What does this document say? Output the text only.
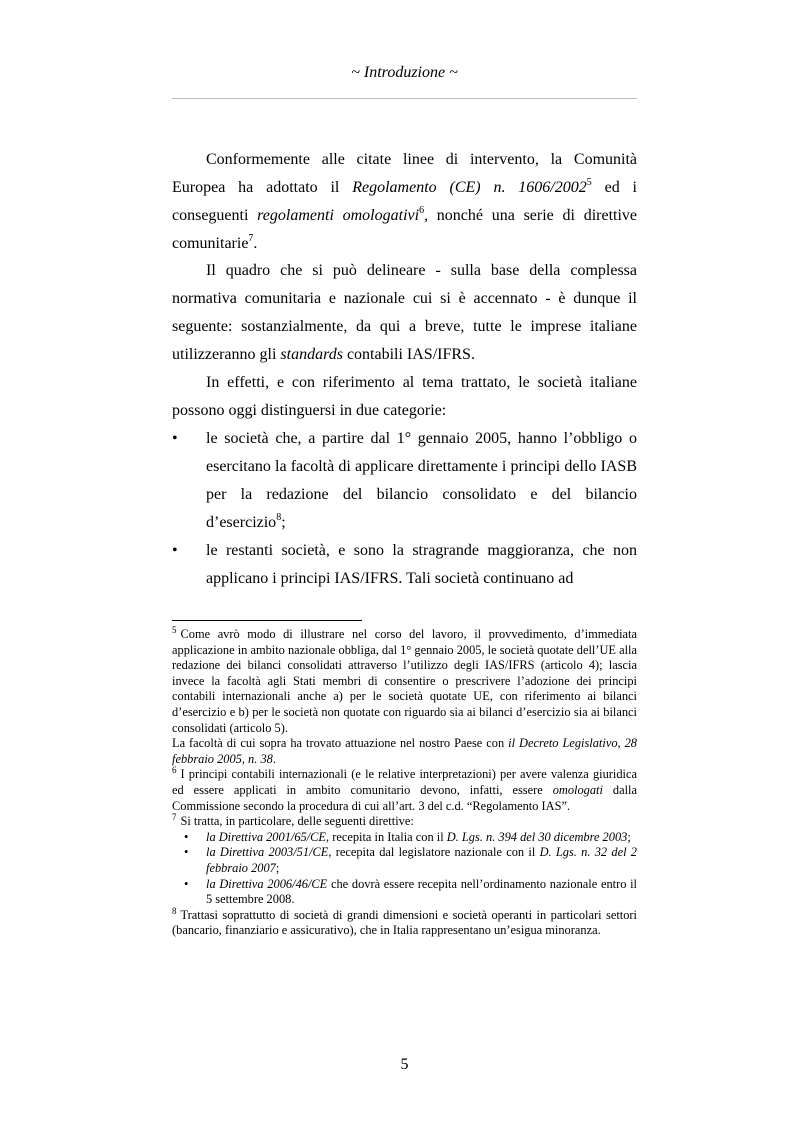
~ Introduzione ~

Conformemente alle citate linee di intervento, la Comunità Europea ha adottato il Regolamento (CE) n. 1606/2002$^5$ ed i conseguenti regolamenti omologativi$^6$, nonché una serie di direttive comunitarie$^7$.

Il quadro che si può delineare - sulla base della complessa normativa comunitaria e nazionale cui si è accennato - è dunque il seguente: sostanzialmente, da qui a breve, tutte le imprese italiane utilizzeranno gli standards contabili IAS/IFRS.

In effetti, e con riferimento al tema trattato, le società italiane possono oggi distinguersi in due categorie:

•
le società che, a partire dal 1° gennaio 2005, hanno l’obbligo o esercitano la facoltà di applicare direttamente i principi dello IASB per la redazione del bilancio consolidato e del bilancio d’esercizio$^8$;
•
le restanti società, e sono la stragrande maggioranza, che non applicano i principi IAS/IFRS. Tali società continuano ad

$^5$ Come avrò modo di illustrare nel corso del lavoro, il provvedimento, d’immediata applicazione in ambito nazionale obbliga, dal 1° gennaio 2005, le società quotate dell’UE alla redazione dei bilanci consolidati attraverso l’utilizzo degli IAS/IFRS (articolo 4); lascia invece la facoltà agli Stati membri di consentire o prescrivere l’adozione dei principi contabili internazionali anche a) per le società quotate UE, con riferimento ai bilanci d’esercizio e b) per le società non quotate con riguardo sia ai bilanci d’esercizio sia ai bilanci consolidati (articolo 5).

La facoltà di cui sopra ha trovato attuazione nel nostro Paese con il Decreto Legislativo, 28 febbraio 2005, n. 38.

$^6$ I principi contabili internazionali (e le relative interpretazioni) per avere valenza giuridica ed essere applicati in ambito comunitario devono, infatti, essere omologati dalla Commissione secondo la procedura di cui all’art. 3 del c.d. “Regolamento IAS”.

$^7$ Si tratta, in particolare, delle seguenti direttive:

•
la Direttiva 2001/65/CE, recepita in Italia con il D. Lgs. n. 394 del 30 dicembre 2003;
•
la Direttiva 2003/51/CE, recepita dal legislatore nazionale con il D. Lgs. n. 32 del 2 febbraio 2007;
•
la Direttiva 2006/46/CE che dovrà essere recepita nell’ordinamento nazionale entro il 5 settembre 2008.

$^8$ Trattasi soprattutto di società di grandi dimensioni e società operanti in particolari settori (bancario, finanziario e assicurativo), che in Italia rappresentano un’esigua minoranza.

5
